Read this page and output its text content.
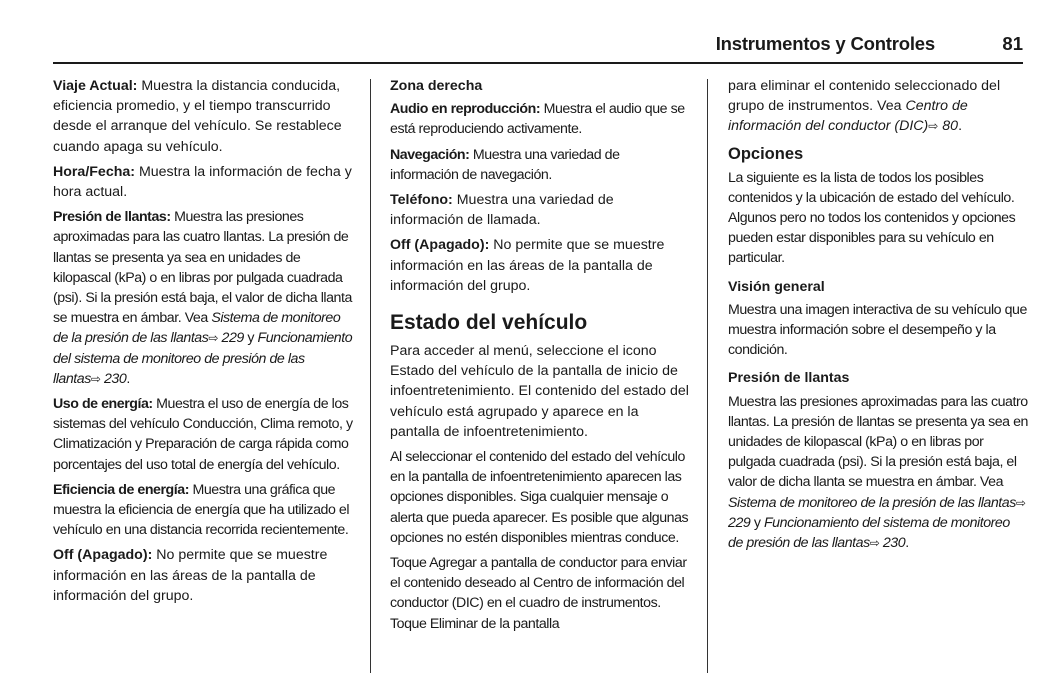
Instrumentos y Controles	81

Viaje Actual: Muestra la distancia conducida, eficiencia promedio, y el tiempo transcurrido desde el arranque del vehículo. Se restablece cuando apaga su vehículo.

Hora/Fecha: Muestra la información de fecha y hora actual.

Presión de llantas: Muestra las presiones aproximadas para las cuatro llantas. La presión de llantas se presenta ya sea en unidades de kilopascal (kPa) o en libras por pulgada cuadrada (psi). Si la presión está baja, el valor de dicha llanta se muestra en ámbar. Vea Sistema de monitoreo de la presión de las llantas⇨ 229 y Funcionamiento del sistema de monitoreo de presión de las llantas⇨ 230.

Uso de energía: Muestra el uso de energía de los sistemas del vehículo Conducción, Clima remoto, y Climatización y Preparación de carga rápida como porcentajes del uso total de energía del vehículo.

Eficiencia de energía: Muestra una gráfica que muestra la eficiencia de energía que ha utilizado el vehículo en una distancia recorrida recientemente.

Off (Apagado): No permite que se muestre información en las áreas de la pantalla de información del grupo.

Zona derecha

Audio en reproducción: Muestra el audio que se está reproduciendo activamente.

Navegación: Muestra una variedad de información de navegación.

Teléfono: Muestra una variedad de información de llamada.

Off (Apagado): No permite que se muestre información en las áreas de la pantalla de información del grupo.

Estado del vehículo

Para acceder al menú, seleccione el icono Estado del vehículo de la pantalla de inicio de infoentretenimiento. El contenido del estado del vehículo está agrupado y aparece en la pantalla de infoentretenimiento.

Al seleccionar el contenido del estado del vehículo en la pantalla de infoentretenimiento aparecen las opciones disponibles. Siga cualquier mensaje o alerta que pueda aparecer. Es posible que algunas opciones no estén disponibles mientras conduce.

Toque Agregar a pantalla de conductor para enviar el contenido deseado al Centro de información del conductor (DIC) en el cuadro de instrumentos. Toque Eliminar de la pantalla

para eliminar el contenido seleccionado del grupo de instrumentos. Vea Centro de información del conductor (DIC)⇨ 80.

Opciones

La siguiente es la lista de todos los posibles contenidos y la ubicación de estado del vehículo. Algunos pero no todos los contenidos y opciones pueden estar disponibles para su vehículo en particular.

Visión general

Muestra una imagen interactiva de su vehículo que muestra información sobre el desempeño y la condición.

Presión de llantas

Muestra las presiones aproximadas para las cuatro llantas. La presión de llantas se presenta ya sea en unidades de kilopascal (kPa) o en libras por pulgada cuadrada (psi). Si la presión está baja, el valor de dicha llanta se muestra en ámbar. Vea Sistema de monitoreo de la presión de las llantas⇨ 229 y Funcionamiento del sistema de monitoreo de presión de las llantas⇨ 230.
